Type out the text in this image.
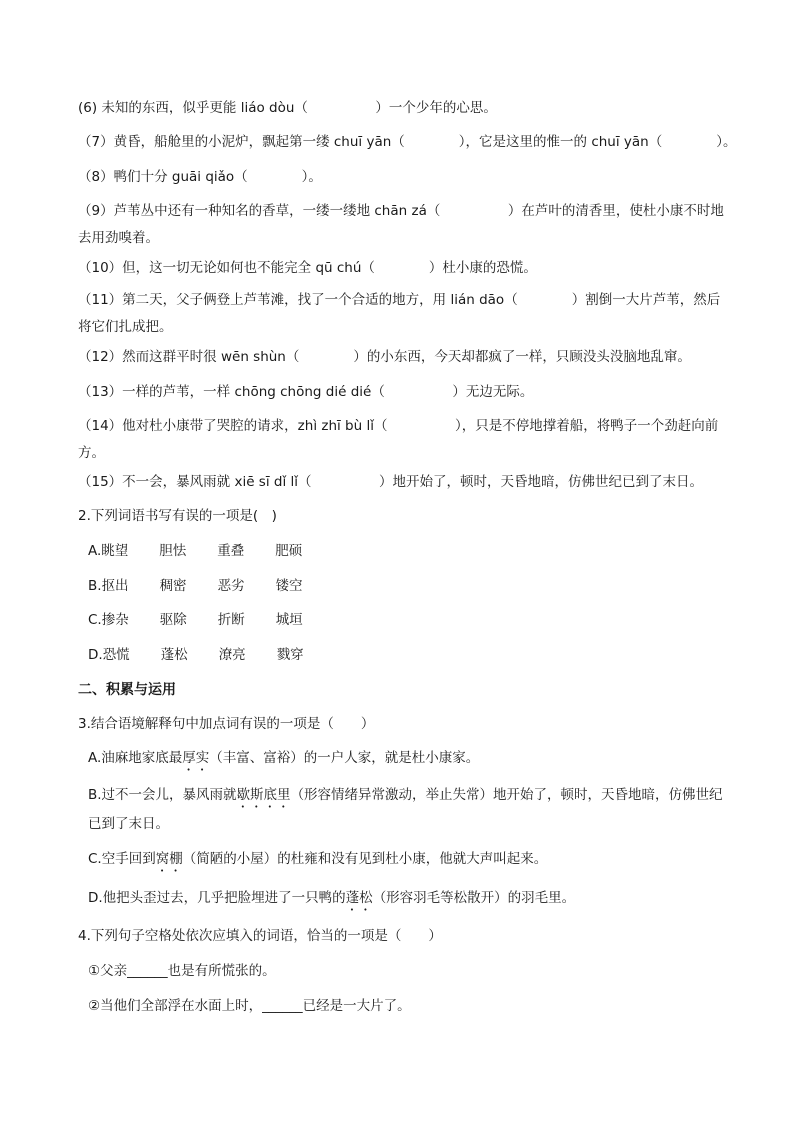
(6) 未知的东西，似乎更能 liáo dòu（　　　　　）一个少年的心思。
（7）黄昏，船舱里的小泥炉，飘起第一缕 chuī yān（　　　　），它是这里的惟一的 chuī yān（　　　　）。
（8）鸭们十分 guāi qiǎo（　　　　）。
（9）芦苇丛中还有一种知名的香草，一缕一缕地 chān zá（　　　　　）在芦叶的清香里，使杜小康不时地去用劲嗅着。
（10）但，这一切无论如何也不能完全 qū chú（　　　　）杜小康的恐慌。
（11）第二天，父子俩登上芦苇滩，找了一个合适的地方，用 lián dāo（　　　　）割倒一大片芦苇，然后将它们扎成把。
（12）然而这群平时很 wēn shùn（　　　　）的小东西，今天却都疯了一样，只顾没头没脑地乱窜。
（13）一样的芦苇，一样 chōng chōng dié dié（　　　　　）无边无际。
（14）他对杜小康带了哭腔的请求，zhì zhī bù lǐ（　　　　　），只是不停地撑着船，将鸭子一个劲赶向前方。
（15）不一会，暴风雨就 xiē sī dǐ lǐ（　　　　　）地开始了，顿时，天昏地暗，仿佛世纪已到了末日。
2.下列词语书写有误的一项是(　)
A.眺望 胆怯 重叠 肥硕
B.抠出 稠密 恶劣 镂空
C.掺杂 驱除 折断 城垣
D.恐慌 蓬松 潦亮 戮穿
二、积累与运用
3.结合语境解释句中加点词有误的一项是（　　）
A.油麻地家底最厚实（丰富、富裕）的一户人家，就是杜小康家。
B.过不一会儿，暴风雨就歇斯底里（形容情绪异常激动，举止失常）地开始了，顿时，天昏地暗，仿佛世纪已到了末日。
C.空手回到窝棚（简陋的小屋）的杜雍和没有见到杜小康，他就大声叫起来。
D.他把头歪过去，几乎把脸埋进了一只鸭的蓬松（形容羽毛等松散开）的羽毛里。
4.下列句子空格处依次应填入的词语，恰当的一项是（　　）
①父亲______也是有所慌张的。
②当他们全部浮在水面上时，______已经是一大片了。
